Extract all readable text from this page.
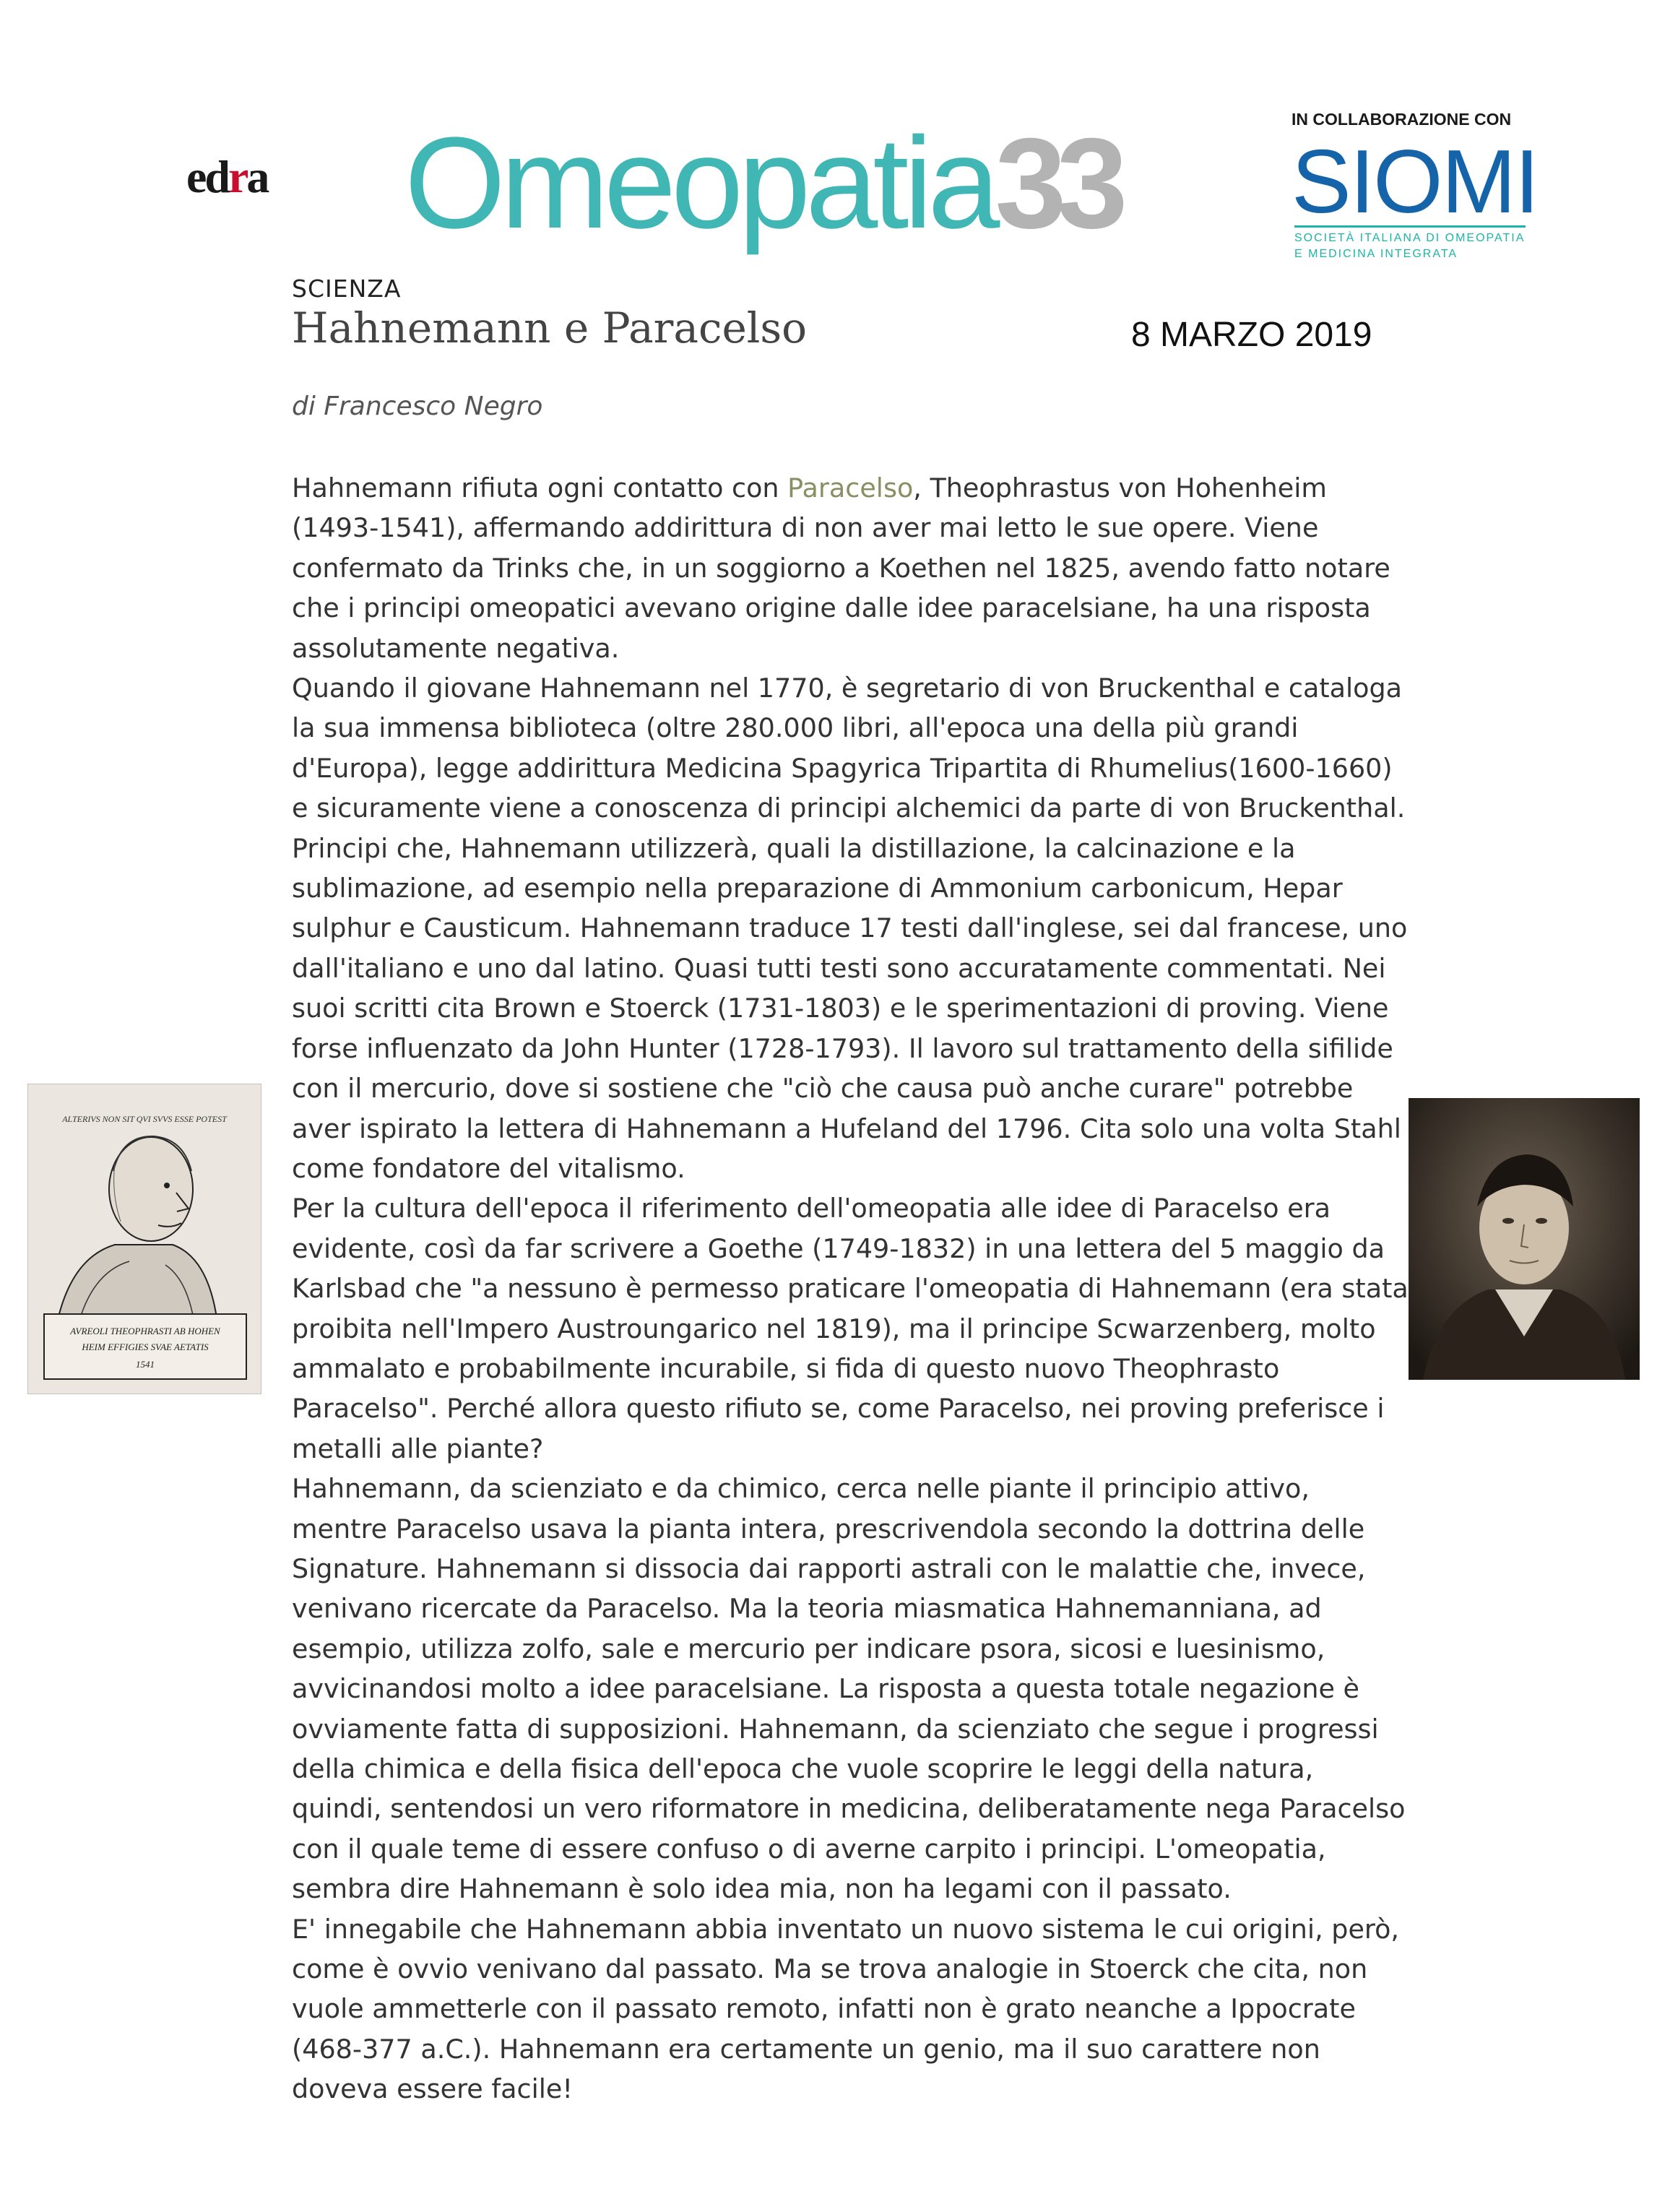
edra Omeopatia33	IN COLLABORAZIONE CON
SIOMI
SOCIETÀ ITALIANA DI OMEOPATIA
E MEDICINA INTEGRATA
SCIENZA
Hahnemann e Paracelso	8 MARZO 2019
di Francesco Negro

Hahnemann rifiuta ogni contatto con Paracelso, Theophrastus von Hohenheim (1493-1541), affermando addirittura di non aver mai letto le sue opere. Viene confermato da Trinks che, in un soggiorno a Koethen nel 1825, avendo fatto notare che i principi omeopatici avevano origine dalle idee paracelsiane, ha una risposta assolutamente negativa.

Quando il giovane Hahnemann nel 1770, è segretario di von Bruckenthal e cataloga la sua immensa biblioteca (oltre 280.000 libri, all'epoca una della più grandi d'Europa), legge addirittura Medicina Spagyrica Tripartita di Rhumelius(1600-1660) e sicuramente viene a conoscenza di principi alchemici da parte di von Bruckenthal. Principi che, Hahnemann utilizzerà, quali la distillazione, la calcinazione e la sublimazione, ad esempio nella preparazione di Ammonium carbonicum, Hepar sulphur e Causticum. Hahnemann traduce 17 testi dall'inglese, sei dal francese, uno dall'italiano e uno dal latino. Quasi tutti testi sono accuratamente commentati. Nei suoi scritti cita Brown e Stoerck (1731-1803) e le sperimentazioni di proving. Viene forse influenzato da John Hunter (1728-1793). Il lavoro sul trattamento della sifilide con il mercurio, dove si sostiene che "ciò che causa può anche curare" potrebbe aver ispirato la lettera di Hahnemann a Hufeland del 1796. Cita solo una volta Stahl come fondatore del vitalismo.

Per la cultura dell'epoca il riferimento dell'omeopatia alle idee di Paracelso era evidente, così da far scrivere a Goethe (1749-1832) in una lettera del 5 maggio da Karlsbad che "a nessuno è permesso praticare l'omeopatia di Hahnemann (era stata proibita nell'Impero Austroungarico nel 1819), ma il principe Scwarzenberg, molto ammalato e probabilmente incurabile, si fida di questo nuovo Theophrasto Paracelso". Perché allora questo rifiuto se, come Paracelso, nei proving preferisce i metalli alle piante?

Hahnemann, da scienziato e da chimico, cerca nelle piante il principio attivo, mentre Paracelso usava la pianta intera, prescrivendola secondo la dottrina delle Signature. Hahnemann si dissocia dai rapporti astrali con le malattie che, invece, venivano ricercate da Paracelso. Ma la teoria miasmatica Hahnemanniana, ad esempio, utilizza zolfo, sale e mercurio per indicare psora, sicosi e luesinismo, avvicinandosi molto a idee paracelsiane. La risposta a questa totale negazione è ovviamente fatta di supposizioni. Hahnemann, da scienziato che segue i progressi della chimica e della fisica dell'epoca che vuole scoprire le leggi della natura, quindi, sentendosi un vero riformatore in medicina, deliberatamente nega Paracelso con il quale teme di essere confuso o di averne carpito i principi. L'omeopatia, sembra dire Hahnemann è solo idea mia, non ha legami con il passato.

E' innegabile che Hahnemann abbia inventato un nuovo sistema le cui origini, però, come è ovvio venivano dal passato. Ma se trova analogie in Stoerck che cita, non vuole ammetterle con il passato remoto, infatti non è grato neanche a Ippocrate (468-377 a.C.). Hahnemann era certamente un genio, ma il suo carattere non doveva essere facile!

ALTERIVS NON SIT QVI SVVS ESSE POTEST
AVREOLI THEOPHRASTI AB HOHEN
HEIM EFFIGIES SVAE AETATIS
1541
